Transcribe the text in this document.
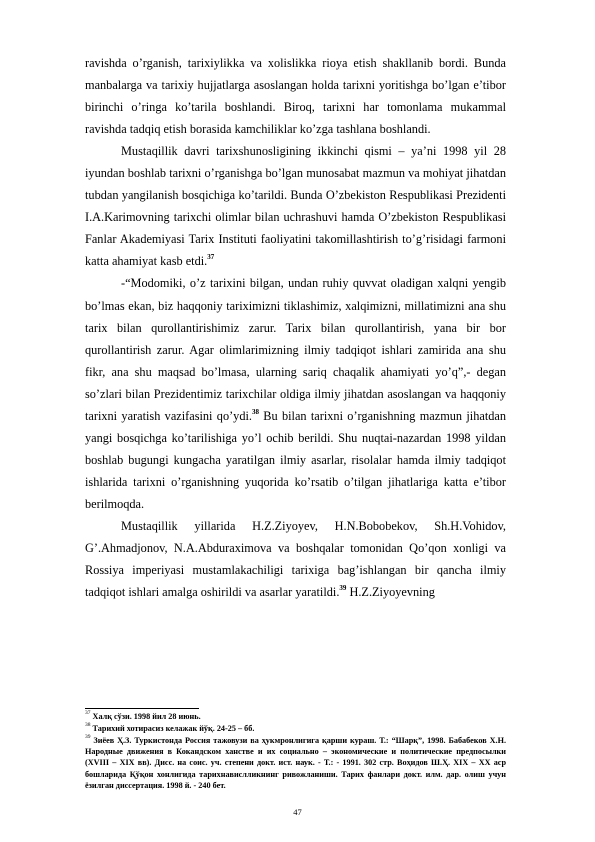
ravishda o’rganish, tarixiylikka va xolislikka rioya etish shakllanib bordi. Bunda manbalarga va tarixiy hujjatlarga asoslangan holda tarixni yoritishga bo’lgan e’tibor birinchi o’ringa ko’tarila boshlandi. Biroq, tarixni har tomonlama mukammal ravishda tadqiq etish borasida kamchiliklar ko’zga tashlana boshlandi.

Mustaqillik davri tarixshunosligining ikkinchi qismi – ya’ni 1998 yil 28 iyundan boshlab tarixni o’rganishga bo’lgan munosabat mazmun va mohiyat jihatdan tubdan yangilanish bosqichiga ko’tarildi. Bunda O’zbekiston Respublikasi Prezidenti I.A.Karimovning tarixchi olimlar bilan uchrashuvi hamda O’zbekiston Respublikasi Fanlar Akademiyasi Tarix Instituti faoliyatini takomillashtirish to’g’risidagi farmoni katta ahamiyat kasb etdi.$^{37}$

-“Modomiki, o’z tarixini bilgan, undan ruhiy quvvat oladigan xalqni yengib bo’lmas ekan, biz haqqoniy tariximizni tiklashimiz, xalqimizni, millatimizni ana shu tarix bilan qurollantirishimiz zarur. Tarix bilan qurollantirish, yana bir bor qurollantirish zarur. Agar olimlarimizning ilmiy tadqiqot ishlari zamirida ana shu fikr, ana shu maqsad bo’lmasa, ularning sariq chaqalik ahamiyati yo’q”,- degan so’zlari bilan Prezidentimiz tarixchilar oldiga ilmiy jihatdan asoslangan va haqqoniy tarixni yaratish vazifasini qo’ydi.$^{38}$ Bu bilan tarixni o’rganishning mazmun jihatdan yangi bosqichga ko’tarilishiga yo’l ochib berildi. Shu nuqtai-nazardan 1998 yildan boshlab bugungi kungacha yaratilgan ilmiy asarlar, risolalar hamda ilmiy tadqiqot ishlarida tarixni o’rganishning yuqorida ko’rsatib o’tilgan jihatlariga katta e’tibor berilmoqda.

Mustaqillik yillarida H.Z.Ziyoyev, H.N.Bobobekov, Sh.H.Vohidov, G’.Ahmadjonov, N.A.Abduraximova va boshqalar tomonidan Qo’qon xonligi va Rossiya imperiyasi mustamlakachiligi tarixiga bag’ishlangan bir qancha ilmiy tadqiqot ishlari amalga oshirildi va asarlar yaratildi.$^{39}$ H.Z.Ziyoyevning

$^{37}$ Халқ сўзи. 1998 йил 28 июнь.

$^{38}$ Тарихий хотирасиз келажак йўқ. 24-25 – бб.

$^{39}$ Зиёев Ҳ.З. Туркистонда Россия тажовузи ва ҳукмронлигига қарши кураш. Т.: “Шарқ”, 1998. Бабабеков Х.Н. Народные движения в Кокандском ханстве и их социально – экономические и политические предпосылки (XVIII – XIX вв). Дисс. на соис. уч. степени докт. ист. наук. - Т.: - 1991. 302 стр. Воҳидов Ш.Ҳ. XIX – XX аср бошларида Қўқон хонлигида тарихнавислликнинг ривожланиши. Тарих фанлари докт. илм. дар. олиш учун ёзилган диссертация. 1998 й. - 240 бет.

47
